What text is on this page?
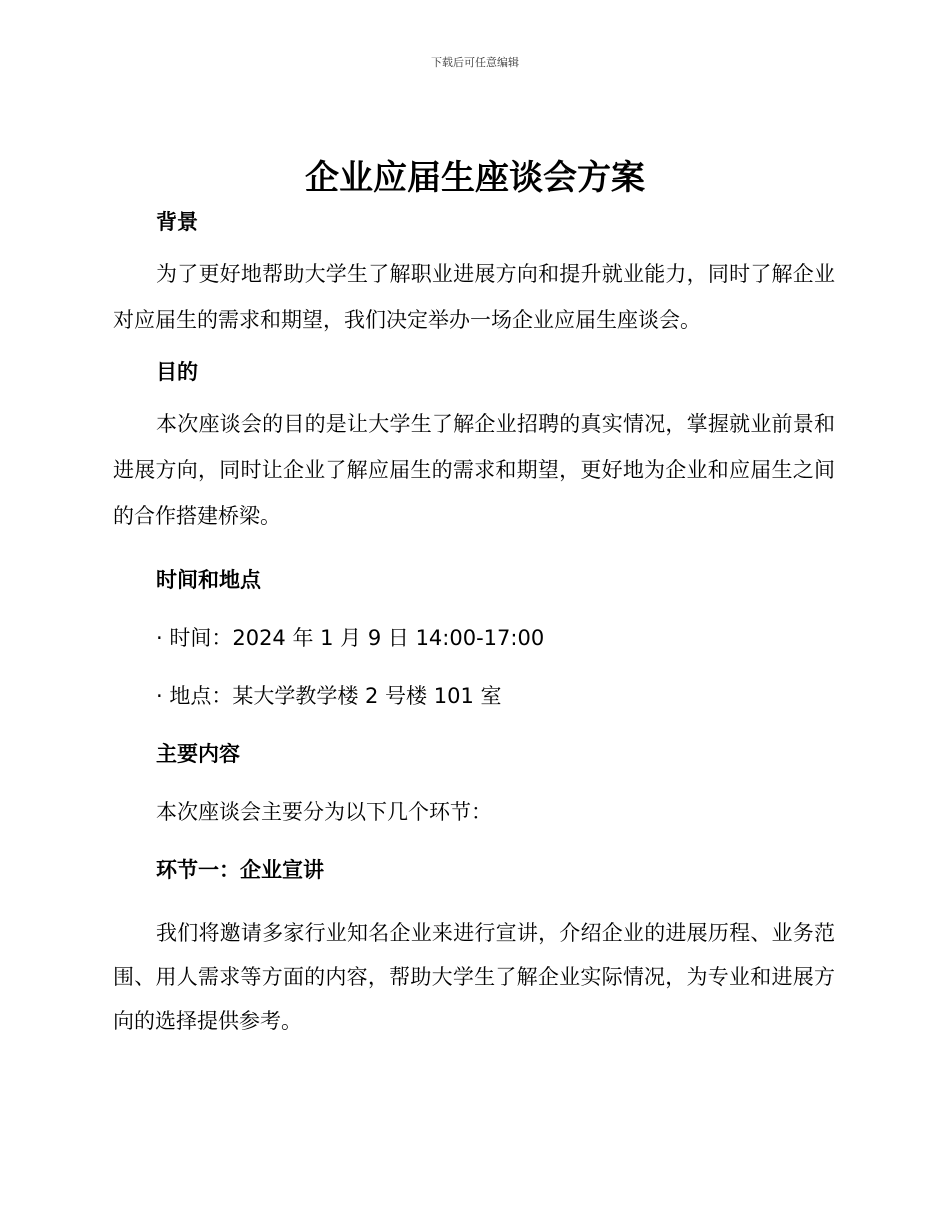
下载后可任意编辑

企业应届生座谈会方案
背景

为了更好地帮助大学生了解职业进展方向和提升就业能力，同时了解企业对应届生的需求和期望，我们决定举办一场企业应届生座谈会。

目的

本次座谈会的目的是让大学生了解企业招聘的真实情况，掌握就业前景和进展方向，同时让企业了解应届生的需求和期望，更好地为企业和应届生之间的合作搭建桥梁。

时间和地点
· 时间：2024 年 1 月 9 日 14:00-17:00
· 地点：某大学教学楼 2 号楼 101 室
主要内容

本次座谈会主要分为以下几个环节：

环节一：企业宣讲

我们将邀请多家行业知名企业来进行宣讲，介绍企业的进展历程、业务范围、用人需求等方面的内容，帮助大学生了解企业实际情况，为专业和进展方向的选择提供参考。
